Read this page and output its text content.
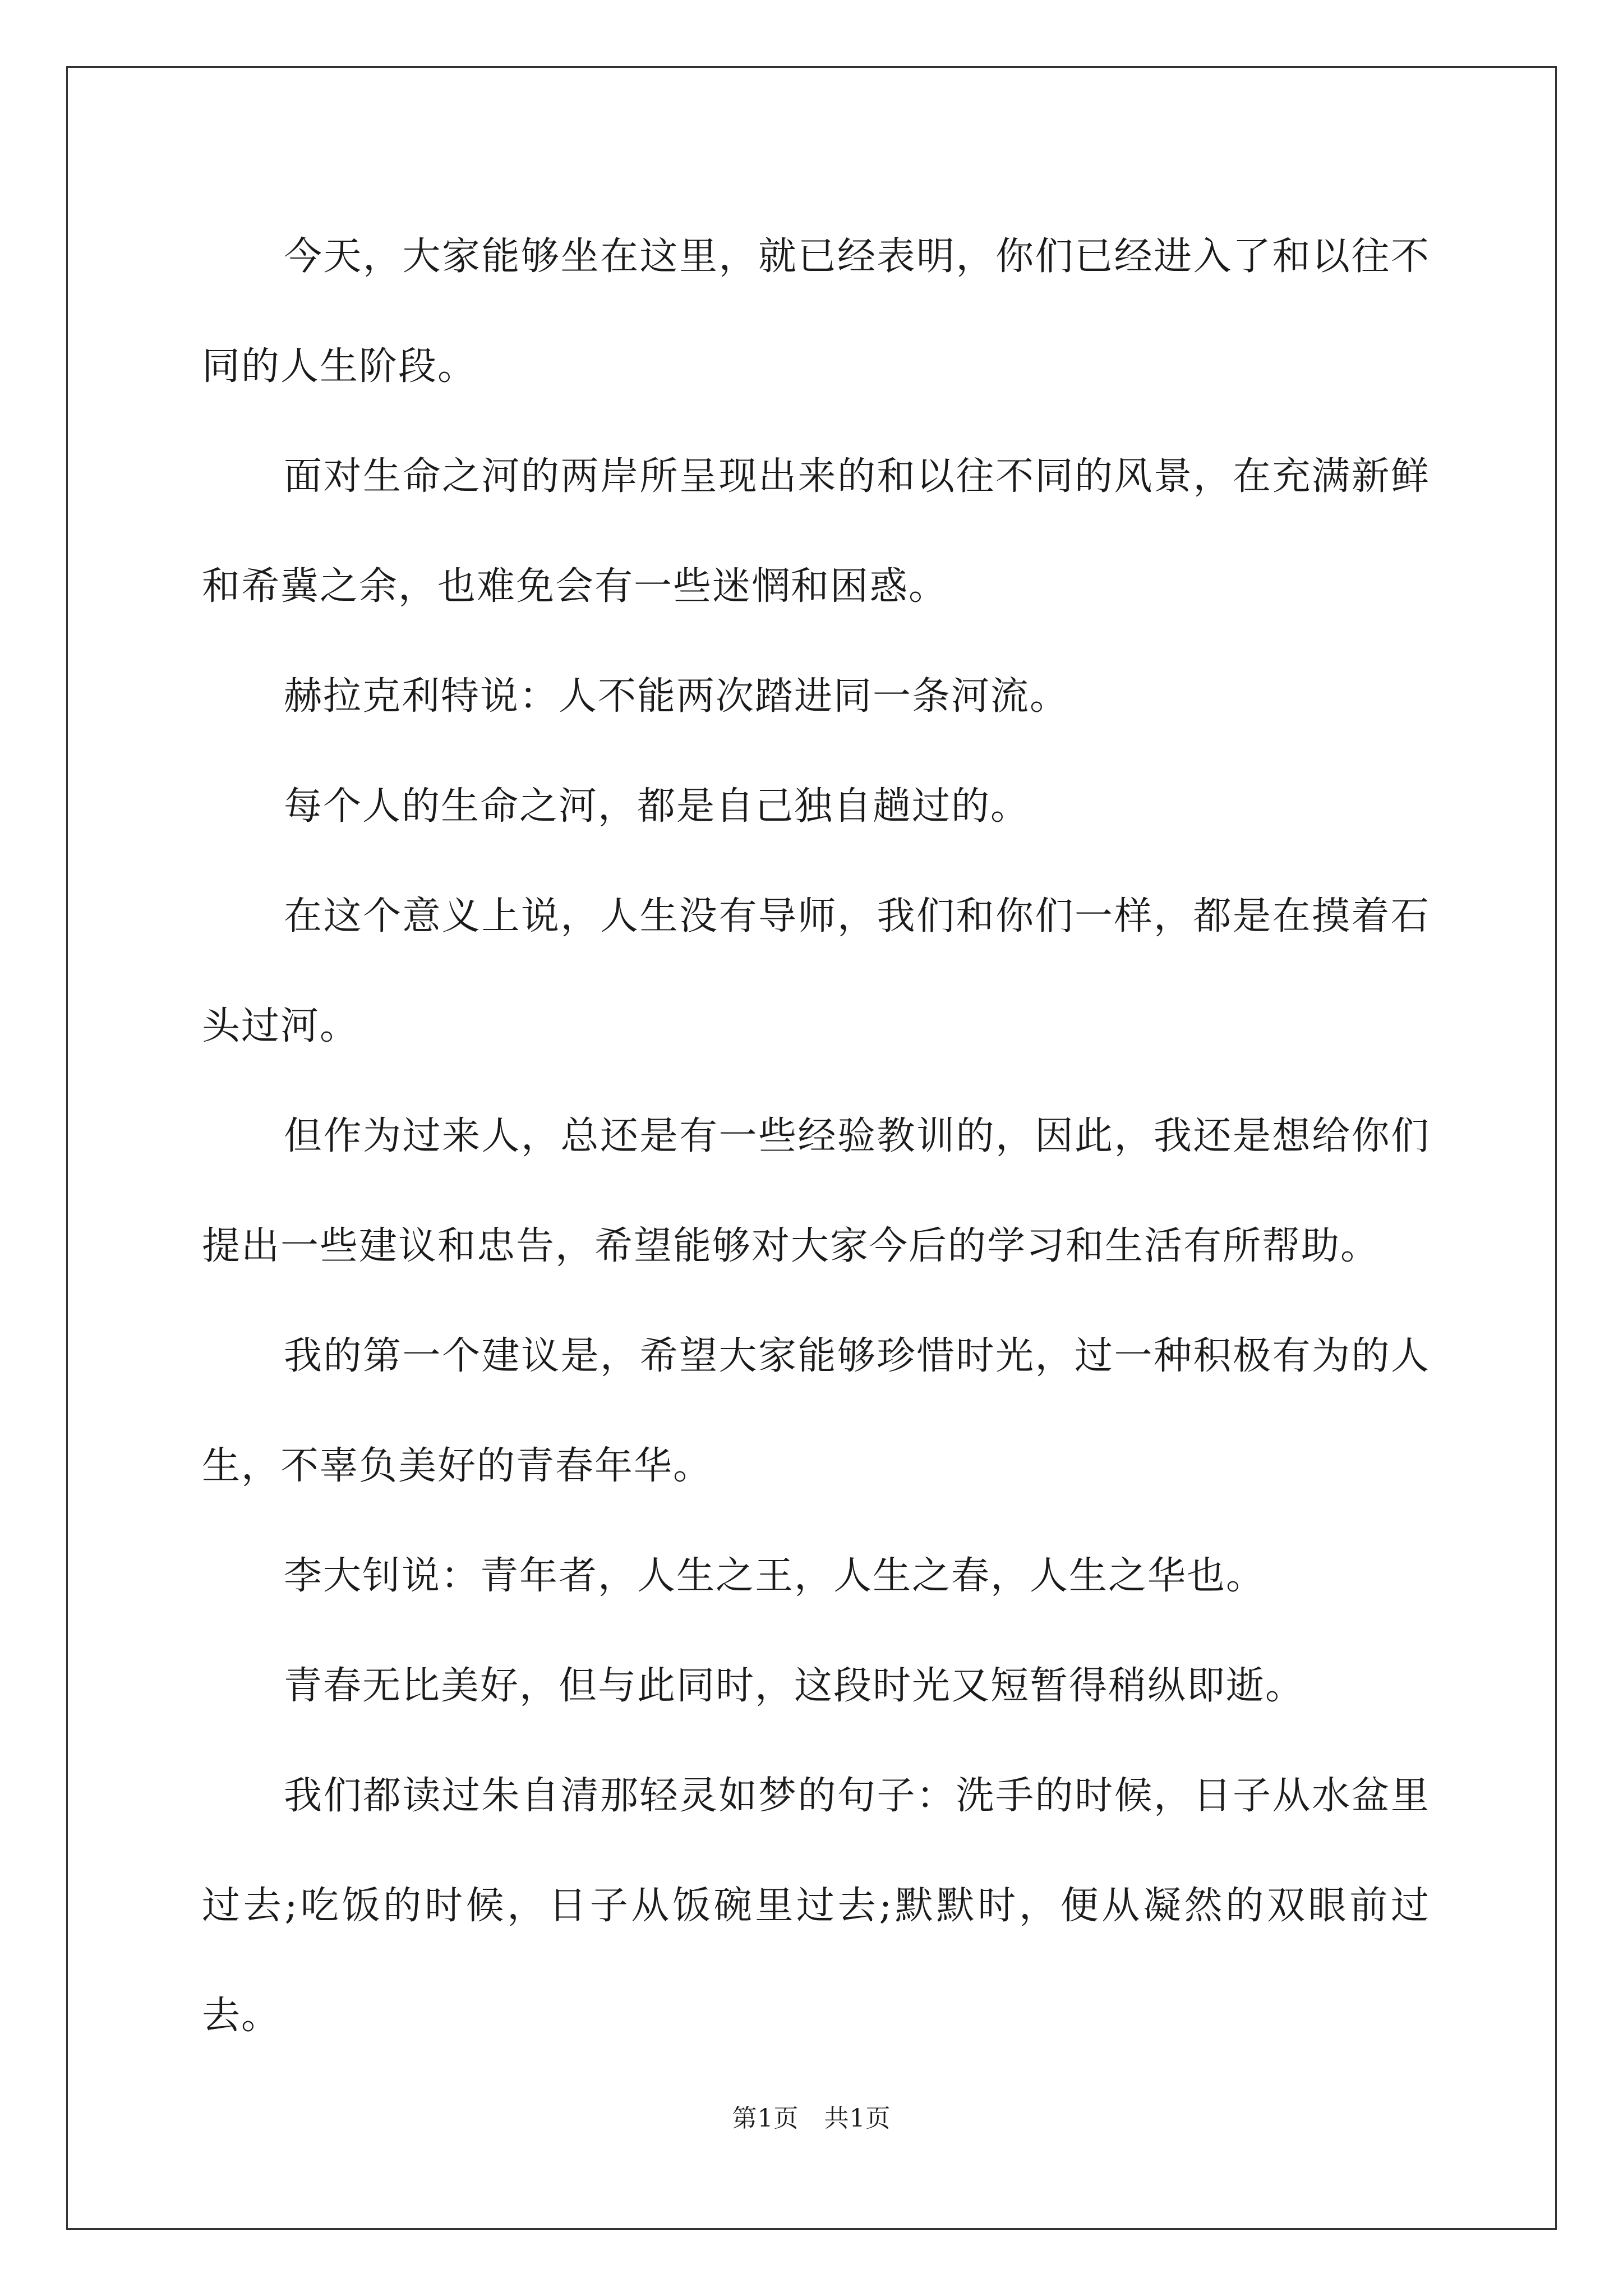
今天，大家能够坐在这里，就已经表明，你们已经进入了和以往不同的人生阶段。

面对生命之河的两岸所呈现出来的和以往不同的风景，在充满新鲜和希冀之余，也难免会有一些迷惘和困惑。

赫拉克利特说：人不能两次踏进同一条河流。

每个人的生命之河，都是自己独自趟过的。

在这个意义上说，人生没有导师，我们和你们一样，都是在摸着石头过河。

但作为过来人，总还是有一些经验教训的，因此，我还是想给你们提出一些建议和忠告，希望能够对大家今后的学习和生活有所帮助。

我的第一个建议是，希望大家能够珍惜时光，过一种积极有为的人生，不辜负美好的青春年华。

李大钊说：青年者，人生之王，人生之春，人生之华也。

青春无比美好，但与此同时，这段时光又短暂得稍纵即逝。

我们都读过朱自清那轻灵如梦的句子：洗手的时候，日子从水盆里过去;吃饭的时候，日子从饭碗里过去;默默时，便从凝然的双眼前过去。

第1页　共1页
